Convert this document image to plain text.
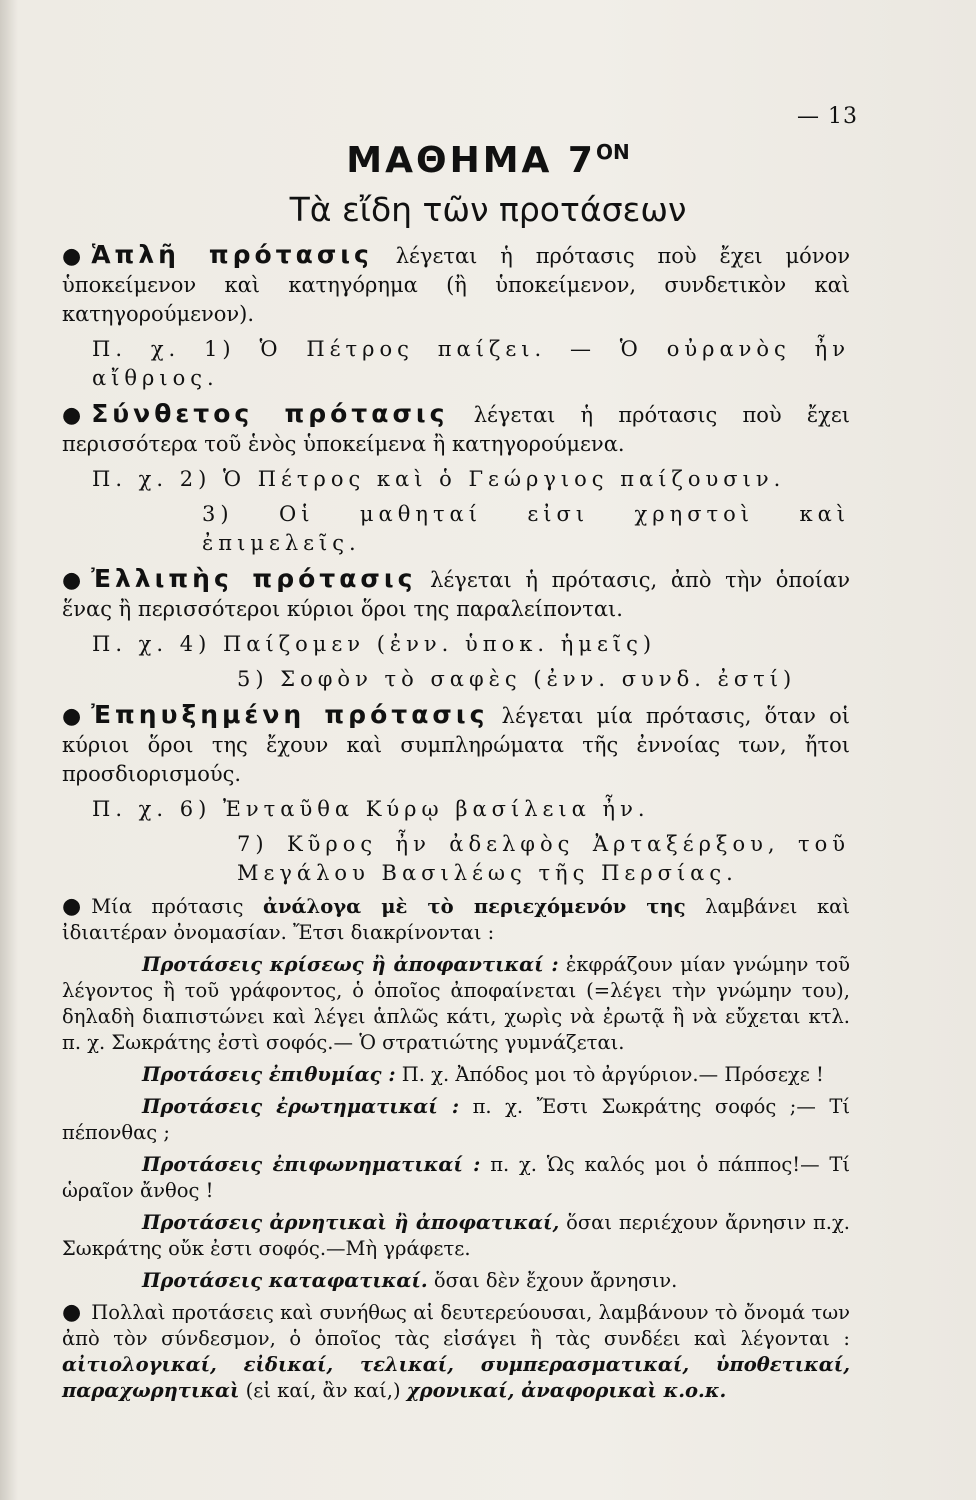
— 13
ΜΑΘΗΜΑ $7^{ON}$
Τὰ εἴδη τῶν προτάσεων

● Ἁπλῆ πρότασις λέγεται ἡ πρότασις ποὺ ἔχει μόνον ὑποκείμενον καὶ κατηγόρημα (ἢ ὑποκείμενον, συνδετικὸν καὶ κατηγορούμενον).

Π. χ. 1) Ὁ Πέτρος παίζει. — Ὁ οὐρανὸς ἦν αἴθριος.

● Σύνθετος πρότασις λέγεται ἡ πρότασις ποὺ ἔχει περισσότερα τοῦ ἑνὸς ὑποκείμενα ἢ κατηγορούμενα.

Π. χ. 2) Ὁ Πέτρος καὶ ὁ Γεώργιος παίζουσιν.

3) Οἱ μαθηταί εἰσι χρηστοὶ καὶ ἐπιμελεῖς.

● Ἐλλιπὴς πρότασις λέγεται ἡ πρότασις, ἀπὸ τὴν ὁποίαν ἕνας ἢ περισσότεροι κύριοι ὅροι της παραλείπονται.

Π. χ. 4) Παίζομεν (ἐνν. ὑποκ. ἡμεῖς)

5) Σοφὸν τὸ σαφὲς (ἐνν. συνδ. ἐστί)

● Ἐπηυξημένη πρότασις λέγεται μία πρότασις, ὅταν οἱ κύριοι ὅροι της ἔχουν καὶ συμπληρώματα τῆς ἐννοίας των, ἤτοι προσδιορισμούς.

Π. χ. 6) Ἐνταῦθα Κύρῳ βασίλεια ἦν.

7) Κῦρος ἦν ἀδελφὸς Ἀρταξέρξου, τοῦ Μεγάλου Βασιλέως τῆς Περσίας.

● Μία πρότασις ἀνάλογα μὲ τὸ περιεχόμενόν της λαμβάνει καὶ ἰδιαιτέραν ὀνομασίαν. Ἔτσι διακρίνονται :

Προτάσεις κρίσεως ἢ ἀποφαντικαί : ἐκφράζουν μίαν γνώμην τοῦ λέγοντος ἢ τοῦ γράφοντος, ὁ ὁποῖος ἀποφαίνεται (=λέγει τὴν γνώμην του), δηλαδὴ διαπιστώνει καὶ λέγει ἁπλῶς κάτι, χωρὶς νὰ ἐρωτᾷ ἢ νὰ εὔχεται κτλ. π. χ. Σωκράτης ἐστὶ σοφός.— Ὁ στρατιώτης γυμνάζεται.

Προτάσεις ἐπιθυμίας : Π. χ. Ἀπόδος μοι τὸ ἀργύριον.— Πρόσεχε !

Προτάσεις ἐρωτηματικαί : π. χ. Ἔστι Σωκράτης σοφός ;— Τί πέπονθας ;

Προτάσεις ἐπιφωνηματικαί : π. χ. Ὡς καλός μοι ὁ πάππος!— Τί ὡραῖον ἄνθος !

Προτάσεις ἀρνητικαὶ ἢ ἀποφατικαί, ὅσαι περιέχουν ἄρνησιν π.χ. Σωκράτης οὔκ ἐστι σοφός.—Μὴ γράφετε.

Προτάσεις καταφατικαί. ὅσαι δὲν ἔχουν ἄρνησιν.

● Πολλαὶ προτάσεις καὶ συνήθως αἱ δευτερεύουσαι, λαμβάνουν τὸ ὄνομά των ἀπὸ τὸν σύνδεσμον, ὁ ὁποῖος τὰς εἰσάγει ἢ τὰς συνδέει καὶ λέγονται : αἰτιολογικαί, εἰδικαί, τελικαί, συμπερασματικαί, ὑποθετικαί, παραχωρητικαὶ (εἰ καί, ἂν καί,) χρονικαί, ἀναφορικαὶ κ.ο.κ.
